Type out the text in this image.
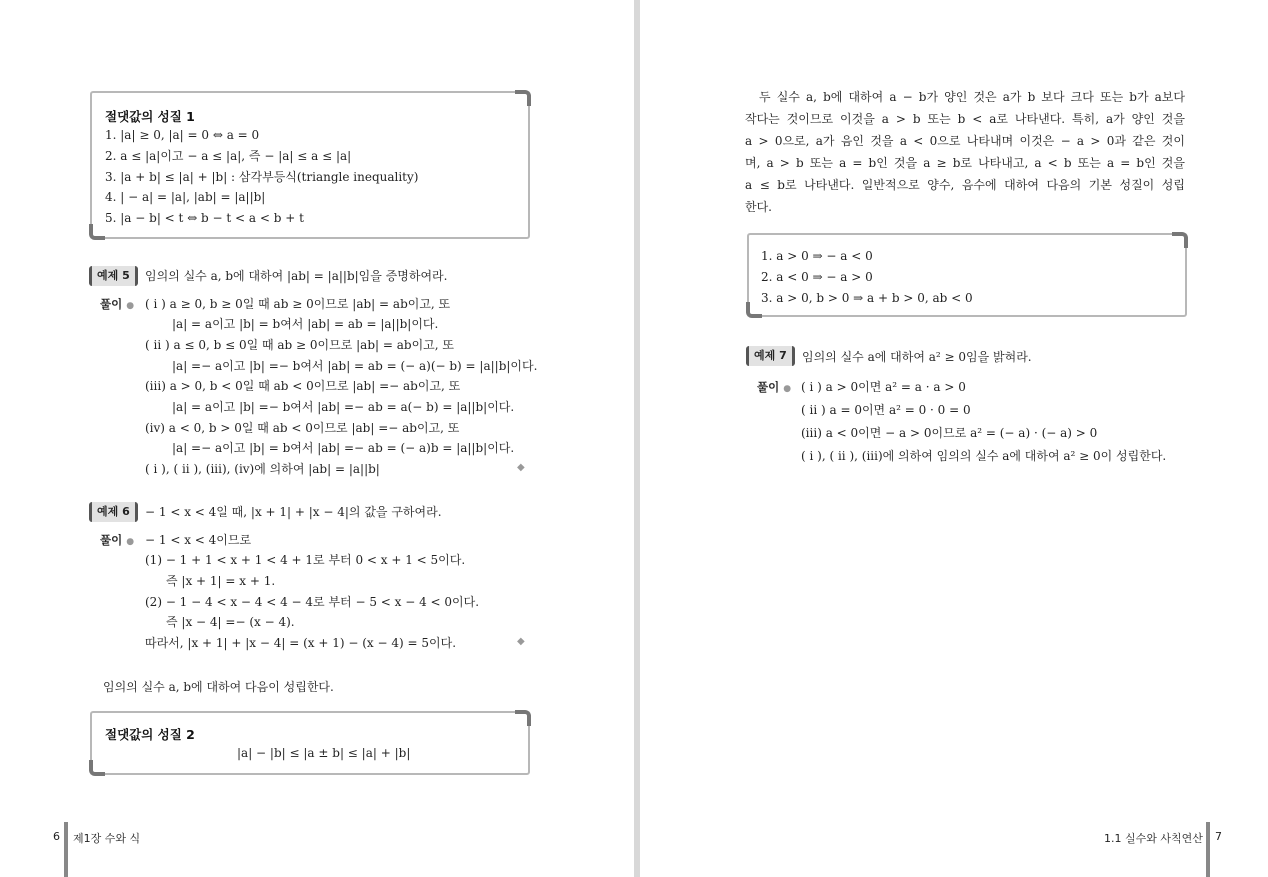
절댓값의 성질 1
1. |a| ≥ 0, |a| = 0 ⇔ a = 0
2. a ≤ |a|이고 − a ≤ |a|, 즉 − |a| ≤ a ≤ |a|
3. |a + b| ≤ |a| + |b| : 삼각부등식(triangle inequality)
4. | − a| = |a|, |ab| = |a||b|
5. |a − b| < t ⇔ b − t < a < b + t
예제 5	임의의 실수 a, b에 대하여 |ab| = |a||b|임을 증명하여라.
풀이 ● ( i ) a ≥ 0, b ≥ 0일 때 ab ≥ 0이므로 |ab| = ab이고, 또
|a| = a이고 |b| = b여서 |ab| = ab = |a||b|이다.
( ii ) a ≤ 0, b ≤ 0일 때 ab ≥ 0이므로 |ab| = ab이고, 또
|a| =− a이고 |b| =− b여서 |ab| = ab = (− a)(− b) = |a||b|이다.
(iii) a > 0, b < 0일 때 ab < 0이므로 |ab| =− ab이고, 또
|a| = a이고 |b| =− b여서 |ab| =− ab = a(− b) = |a||b|이다.
(iv) a < 0, b > 0일 때 ab < 0이므로 |ab| =− ab이고, 또
|a| =− a이고 |b| = b여서 |ab| =− ab = (− a)b = |a||b|이다.
( i ), ( ii ), (iii), (iv)에 의하여 |ab| = |a||b|	◆
예제 6	− 1 < x < 4일 때, |x + 1| + |x − 4|의 값을 구하여라.
풀이 ● − 1 < x < 4이므로
(1) − 1 + 1 < x + 1 < 4 + 1로 부터 0 < x + 1 < 5이다.
즉 |x + 1| = x + 1.
(2) − 1 − 4 < x − 4 < 4 − 4로 부터 − 5 < x − 4 < 0이다.
즉 |x − 4| =− (x − 4).
따라서, |x + 1| + |x − 4| = (x + 1) − (x − 4) = 5이다.	◆
임의의 실수 a, b에 대하여 다음이 성립한다.
절댓값의 성질 2
|a| − |b| ≤ |a ± b| ≤ |a| + |b|
6 제1장 수와 식
두 실수 a, b에 대하여 a − b가 양인 것은 a가 b 보다 크다 또는 b가 a보다
작다는 것이므로 이것을 a > b 또는 b < a로 나타낸다. 특히, a가 양인 것을
a > 0으로, a가 음인 것을 a < 0으로 나타내며 이것은 − a > 0과 같은 것이
며, a > b 또는 a = b인 것을 a ≥ b로 나타내고, a < b 또는 a = b인 것을
a ≤ b로 나타낸다. 일반적으로 양수, 음수에 대하여 다음의 기본 성질이 성립
한다.
1. a > 0 ⇒ − a < 0
2. a < 0 ⇒ − a > 0
3. a > 0, b > 0 ⇒ a + b > 0, ab < 0
예제 7	임의의 실수 a에 대하여 a² ≥ 0임을 밝혀라.
풀이 ● ( i ) a > 0이면 a² = a · a > 0
( ii ) a = 0이면 a² = 0 · 0 = 0
(iii) a < 0이면 − a > 0이므로 a² = (− a) · (− a) > 0
( i ), ( ii ), (iii)에 의하여 임의의 실수 a에 대하여 a² ≥ 0이 성립한다.
1.1 실수와 사칙연산 7
